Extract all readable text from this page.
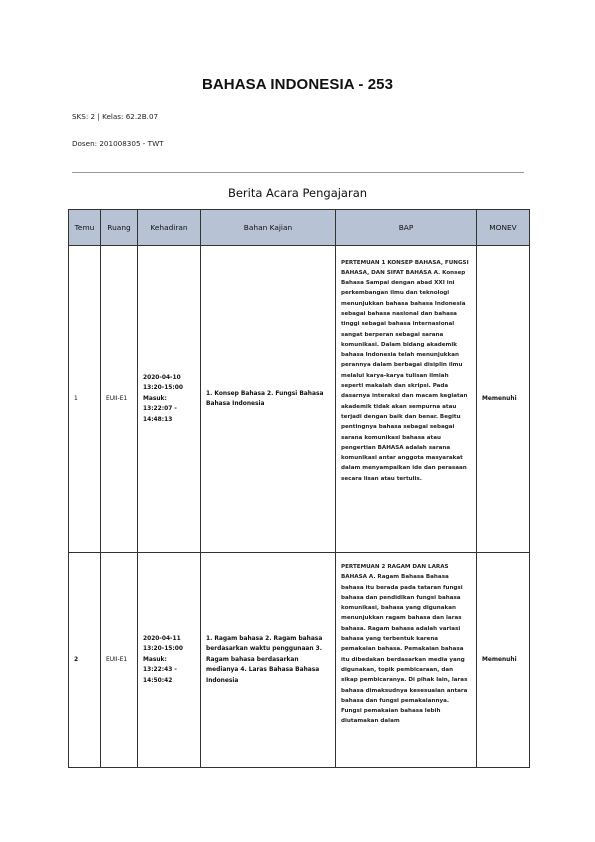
BAHASA INDONESIA - 253
SKS: 2 | Kelas: 62.2B.07
Dosen: 201008305 - TWT
Berita Acara Pengajaran
Temu	Ruang	Kehadiran	Bahan Kajian	BAP	MONEV
1	EUII-E1	2020-04-10 13:20-15:00 Masuk: 13:22:07 - 14:48:13	1. Konsep Bahasa 2. Fungsi Bahasa Bahasa Indonesia	PERTEMUAN 1 KONSEP BAHASA, FUNGSI BAHASA, DAN SIFAT BAHASA A. Konsep Bahasa Sampai dengan abad XXI ini perkembangan ilmu dan teknologi menunjukkan bahasa bahasa Indonesia sebagai bahasa nasional dan bahasa tinggi sebagai bahasa internasional sangat berperan sebagai sarana komunikasi. Dalam bidang akademik bahasa Indonesia telah menunjukkan perannya dalam berbagai disiplin ilmu melalui karya-karya tulisan ilmiah seperti makalah dan skripsi. Pada dasarnya interaksi dan macam kegiatan akademik tidak akan sempurna atau terjadi dengan baik dan benar. Begitu pentingnya bahasa sebagai sebagai sarana komunikasi bahasa atau pengertian BAHASA adalah sarana komunikasi antar anggota masyarakat dalam menyampaikan ide dan perasaan secara lisan atau tertulis.	Memenuhi
2	EUII-E1	2020-04-11 13:20-15:00 Masuk: 13:22:43 - 14:50:42	1. Ragam bahasa 2. Ragam bahasa berdasarkan waktu penggunaan 3. Ragam bahasa berdasarkan medianya 4. Laras Bahasa Bahasa Indonesia	PERTEMUAN 2 RAGAM DAN LARAS BAHASA A. Ragam Bahasa Bahasa bahasa itu berada pada tataran fungsi bahasa dan pendidikan fungsi bahasa komunikasi, bahasa yang digunakan menunjukkan ragam bahasa dan laras bahasa. Ragam bahasa adalah variasi bahasa yang terbentuk karena pemakaian bahasa. Pemakaian bahasa itu dibedakan berdasarkan media yang digunakan, topik pembicaraan, dan sikap pembicaranya. Di pihak lain, laras bahasa dimaksudnya kesesuaian antara bahasa dan fungsi pemakaiannya. Fungsi pemakaian bahasa lebih diutamakan dalam	Memenuhi
